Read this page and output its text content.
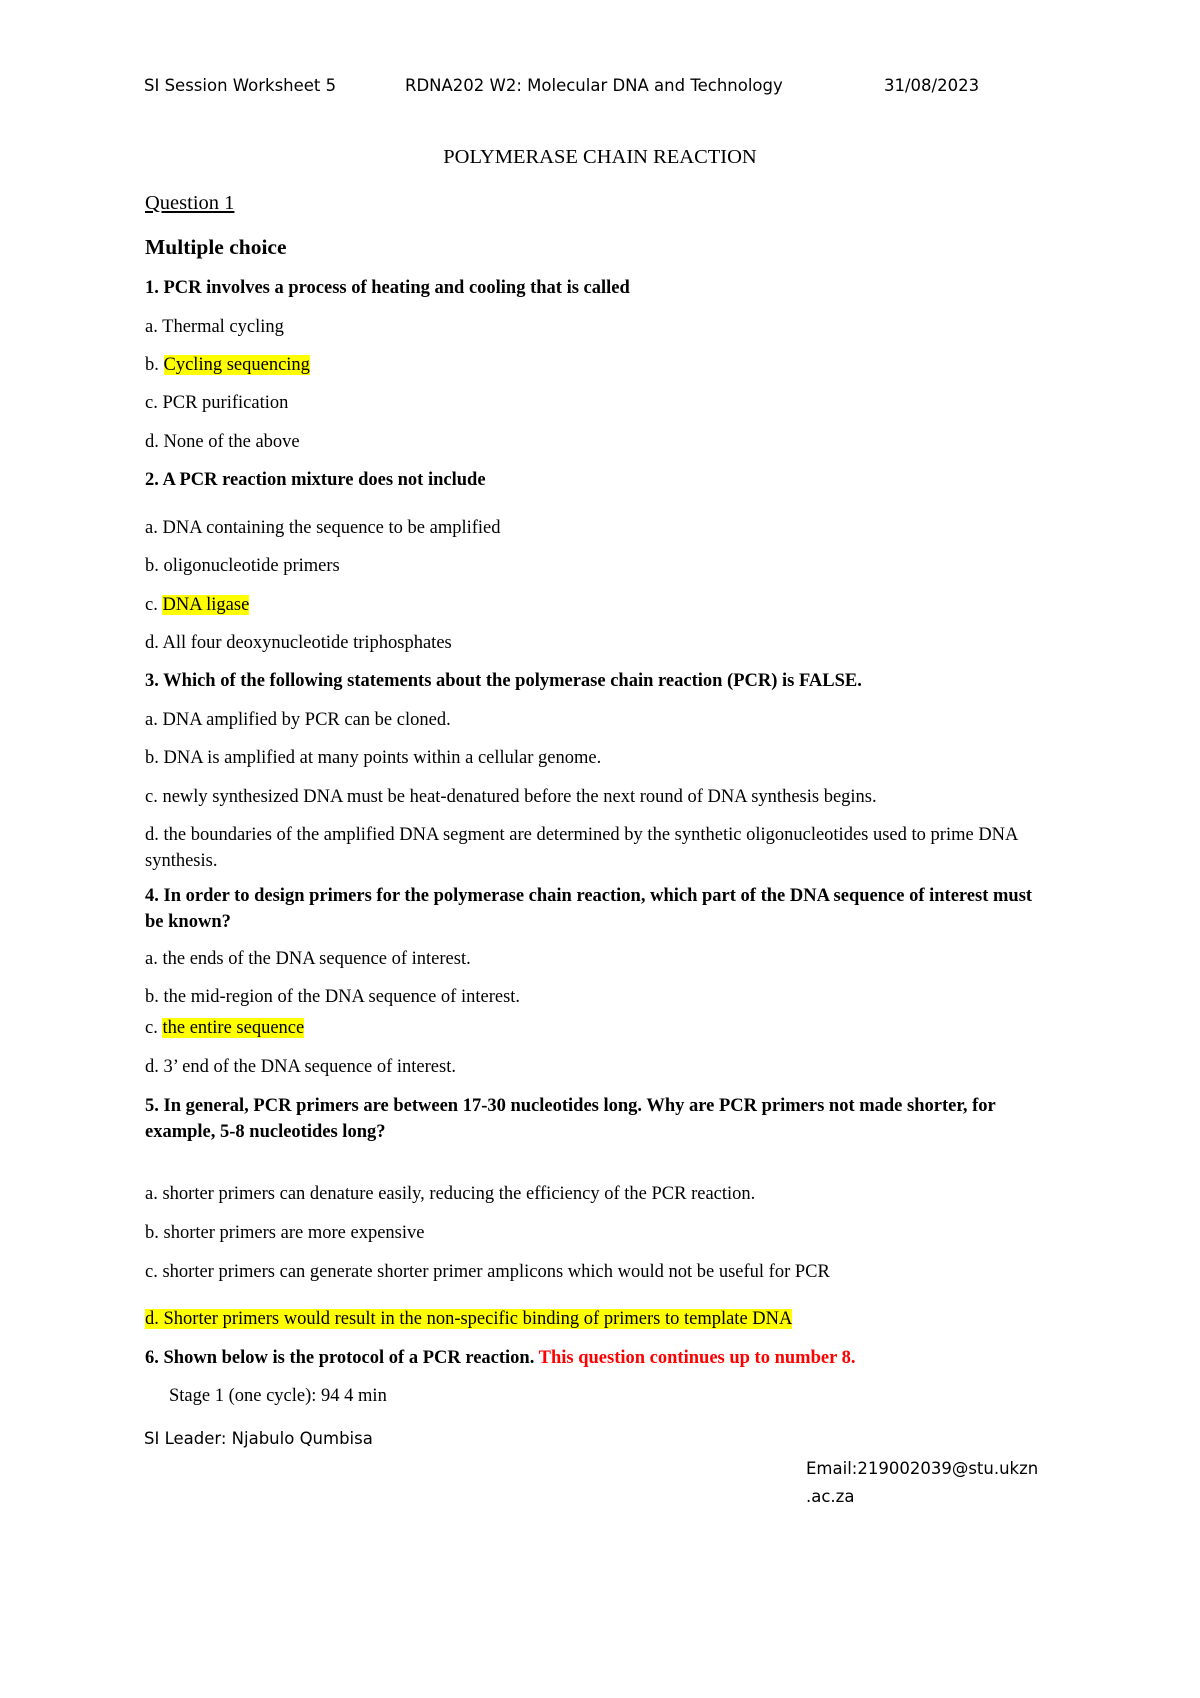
SI Session Worksheet 5	RDNA202 W2: Molecular DNA and Technology	31/08/2023
POLYMERASE CHAIN REACTION
Question 1
Multiple choice
1. PCR involves a process of heating and cooling that is called
a. Thermal cycling
b. Cycling sequencing
c. PCR purification
d. None of the above
2. A PCR reaction mixture does not include
a. DNA containing the sequence to be amplified
b. oligonucleotide primers
c. DNA ligase
d. All four deoxynucleotide triphosphates
3. Which of the following statements about the polymerase chain reaction (PCR) is FALSE.
a. DNA amplified by PCR can be cloned.
b. DNA is amplified at many points within a cellular genome.
c. newly synthesized DNA must be heat-denatured before the next round of DNA synthesis begins.
d. the boundaries of the amplified DNA segment are determined by the synthetic oligonucleotides used to prime DNA synthesis.
4. In order to design primers for the polymerase chain reaction, which part of the DNA sequence of interest must be known?
a. the ends of the DNA sequence of interest.
b. the mid-region of the DNA sequence of interest.
c. the entire sequence
d. 3’ end of the DNA sequence of interest.
5. In general, PCR primers are between 17-30 nucleotides long. Why are PCR primers not made shorter, for example, 5-8 nucleotides long?
a. shorter primers can denature easily, reducing the efficiency of the PCR reaction.
b. shorter primers are more expensive
c. shorter primers can generate shorter primer amplicons which would not be useful for PCR
d. Shorter primers would result in the non-specific binding of primers to template DNA
6. Shown below is the protocol of a PCR reaction. This question continues up to number 8.
Stage 1 (one cycle): 94 4 min
SI Leader: Njabulo Qumbisa
Email:219002039@stu.ukzn
.ac.za
